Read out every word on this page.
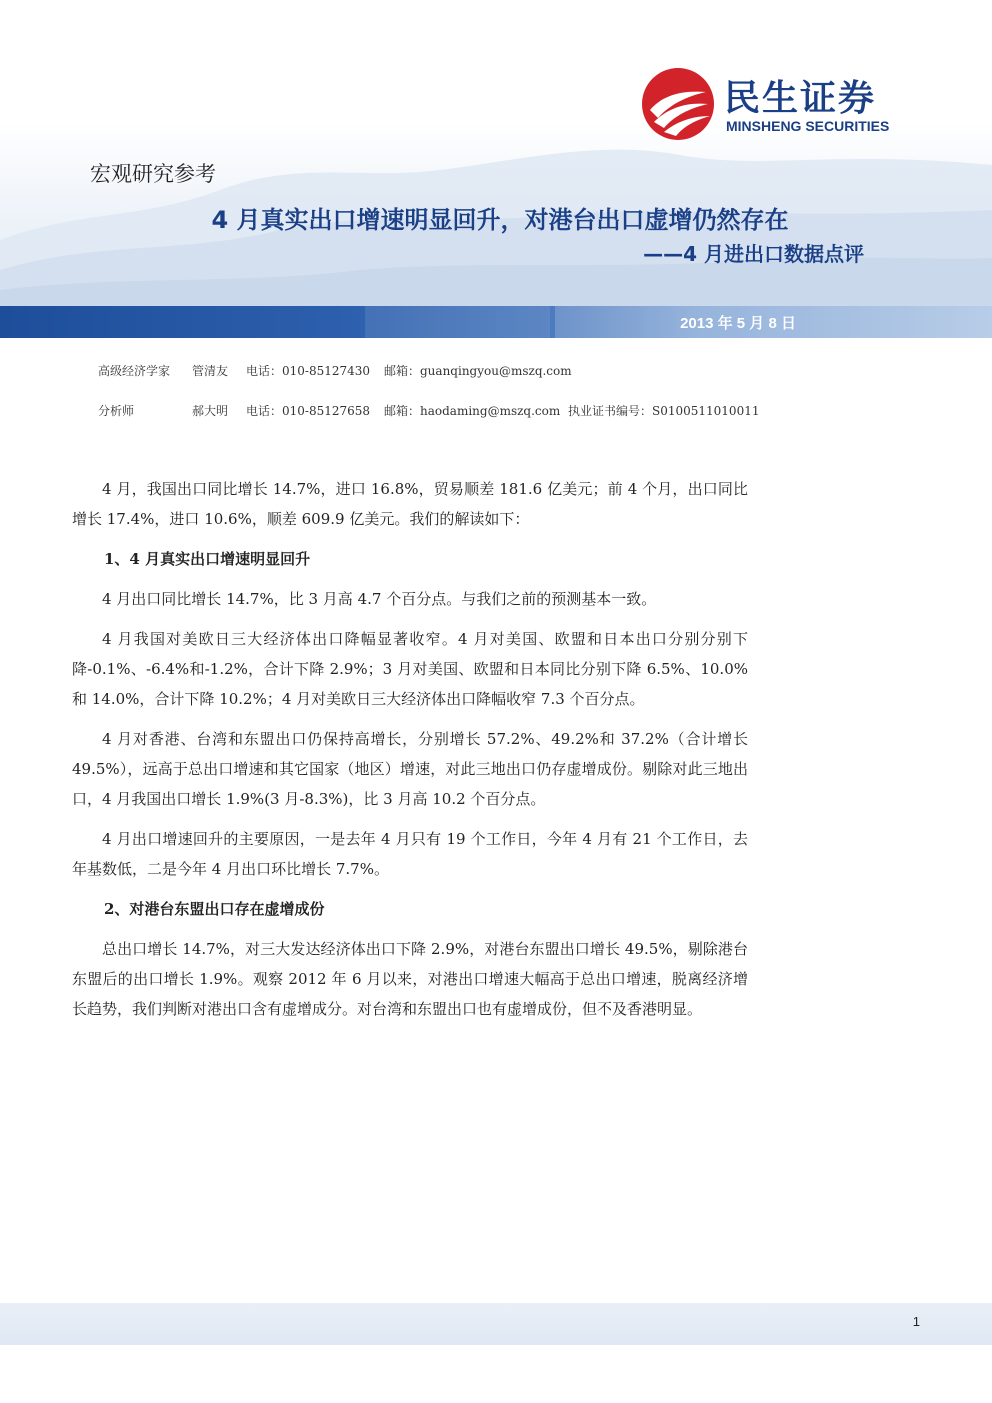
民生证券
MINSHENG SECURITIES
宏观研究参考
4 月真实出口增速明显回升，对港台出口虚增仍然存在
——4 月进出口数据点评
2013 年 5 月 8 日
高级经济学家 管清友 电话：010-85127430 邮箱：guanqingyou@mszq.com
分析师	郝大明 电话：010-85127658 邮箱：haodaming@mszq.com 执业证书编号：S0100511010011

4 月，我国出口同比增长 14.7%，进口 16.8%，贸易顺差 181.6 亿美元；前 4 个月，出口同比增长 17.4%，进口 10.6%，顺差 609.9 亿美元。我们的解读如下：

1、4 月真实出口增速明显回升

4 月出口同比增长 14.7%，比 3 月高 4.7 个百分点。与我们之前的预测基本一致。

4 月我国对美欧日三大经济体出口降幅显著收窄。4 月对美国、欧盟和日本出口分别分别下降-0.1%、-6.4%和-1.2%，合计下降 2.9%；3 月对美国、欧盟和日本同比分别下降 6.5%、10.0%和 14.0%，合计下降 10.2%；4 月对美欧日三大经济体出口降幅收窄 7.3 个百分点。

4 月对香港、台湾和东盟出口仍保持高增长，分别增长 57.2%、49.2%和 37.2%（合计增长 49.5%），远高于总出口增速和其它国家（地区）增速，对此三地出口仍存虚增成份。剔除对此三地出口，4 月我国出口增长 1.9%(3 月-8.3%)，比 3 月高 10.2 个百分点。

4 月出口增速回升的主要原因，一是去年 4 月只有 19 个工作日，今年 4 月有 21 个工作日，去年基数低，二是今年 4 月出口环比增长 7.7%。

2、对港台东盟出口存在虚增成份

总出口增长 14.7%，对三大发达经济体出口下降 2.9%，对港台东盟出口增长 49.5%，剔除港台东盟后的出口增长 1.9%。观察 2012 年 6 月以来，对港出口增速大幅高于总出口增速，脱离经济增长趋势，我们判断对港出口含有虚增成分。对台湾和东盟出口也有虚增成份，但不及香港明显。

1
